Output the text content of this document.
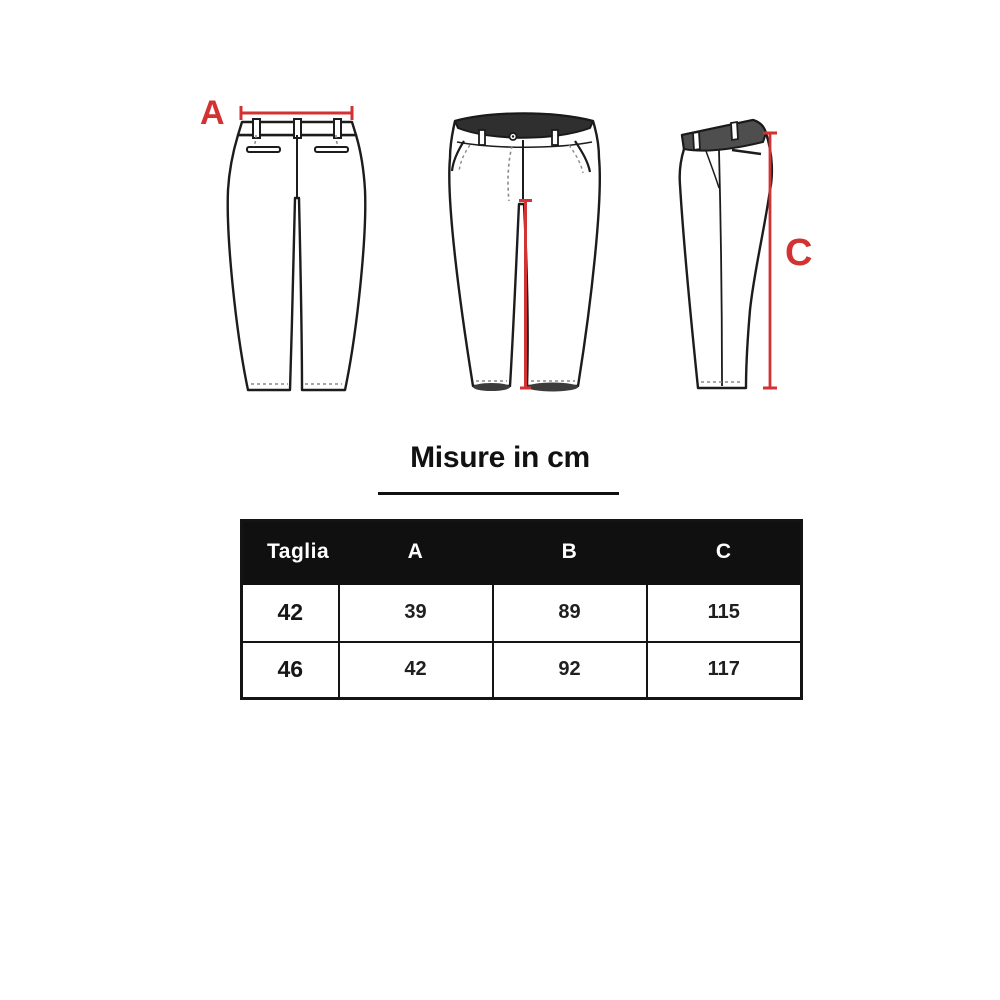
A
C
Misure in cm
Taglia	A	B	C
42	39	89	115
46	42	92	117
